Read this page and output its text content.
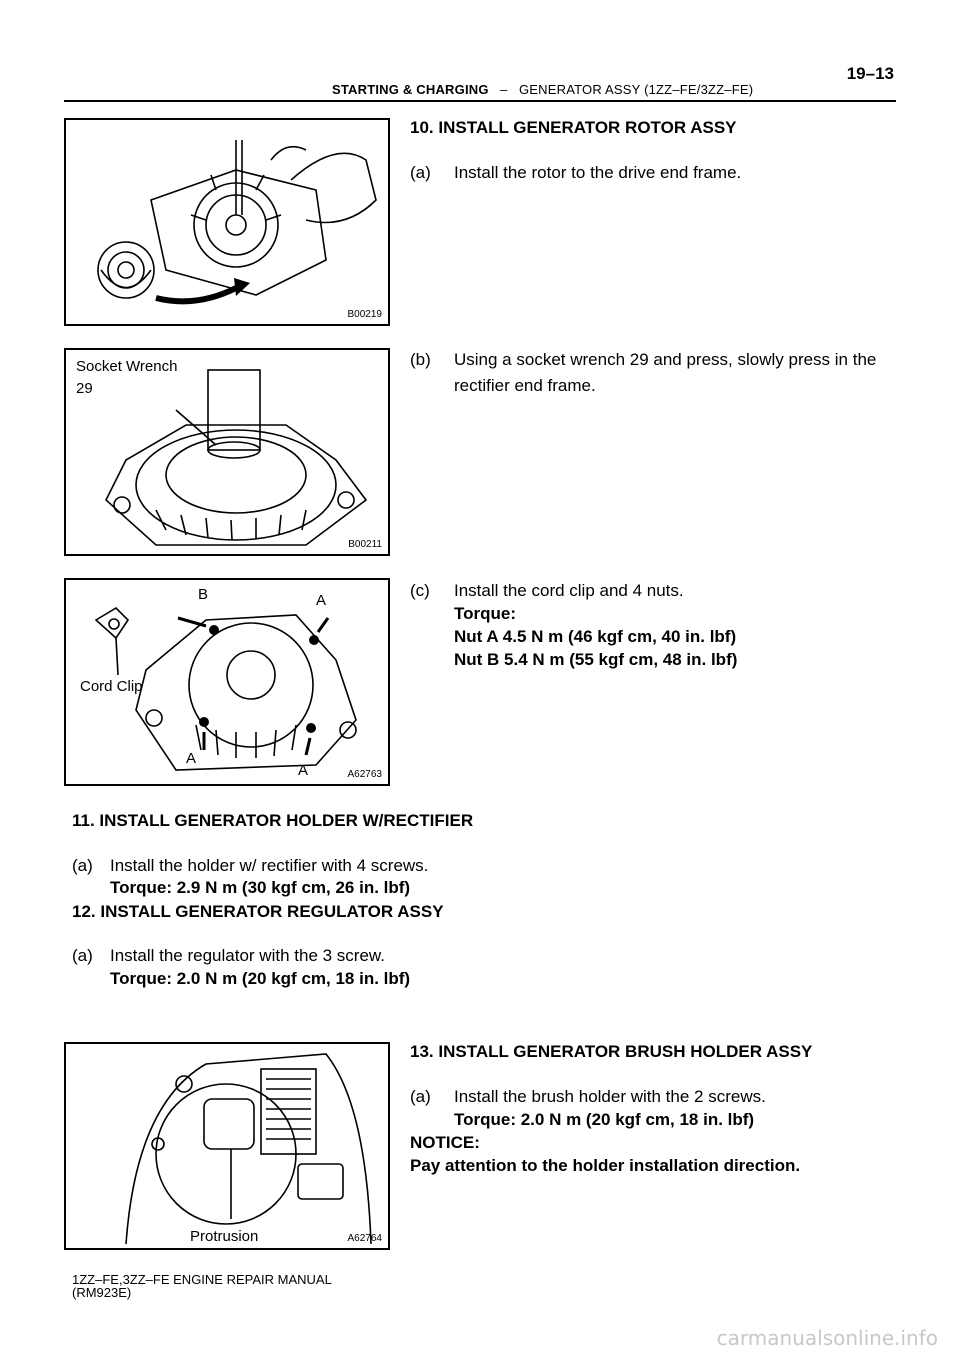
19–13
STARTING & CHARGING – GENERATOR ASSY (1ZZ–FE/3ZZ–FE)
B00219
Socket Wrench
29
B00211
B	A
Cord Clip
A
A	A62763
Protrusion	A62764
10. INSTALL GENERATOR ROTOR ASSY
(a) Install the rotor to the drive end frame.
(b) Using a socket wrench 29 and press, slowly press in the
rectifier end frame.
(c) Install the cord clip and 4 nuts.
Torque:
Nut A 4.5 N m (46 kgf cm, 40 in. lbf)
Nut B 5.4 N m (55 kgf cm, 48 in. lbf)
11. INSTALL GENERATOR HOLDER W/RECTIFIER
(a) Install the holder w/ rectifier with 4 screws.
Torque: 2.9 N m (30 kgf cm, 26 in. lbf)
12. INSTALL GENERATOR REGULATOR ASSY
(a) Install the regulator with the 3 screw.
Torque: 2.0 N m (20 kgf cm, 18 in. lbf)
13. INSTALL GENERATOR BRUSH HOLDER ASSY
(a) Install the brush holder with the 2 screws.
Torque: 2.0 N m (20 kgf cm, 18 in. lbf)
NOTICE:
Pay attention to the holder installation direction.
1ZZ–FE,3ZZ–FE ENGINE REPAIR MANUAL
(RM923E)
carmanualsonline.info
